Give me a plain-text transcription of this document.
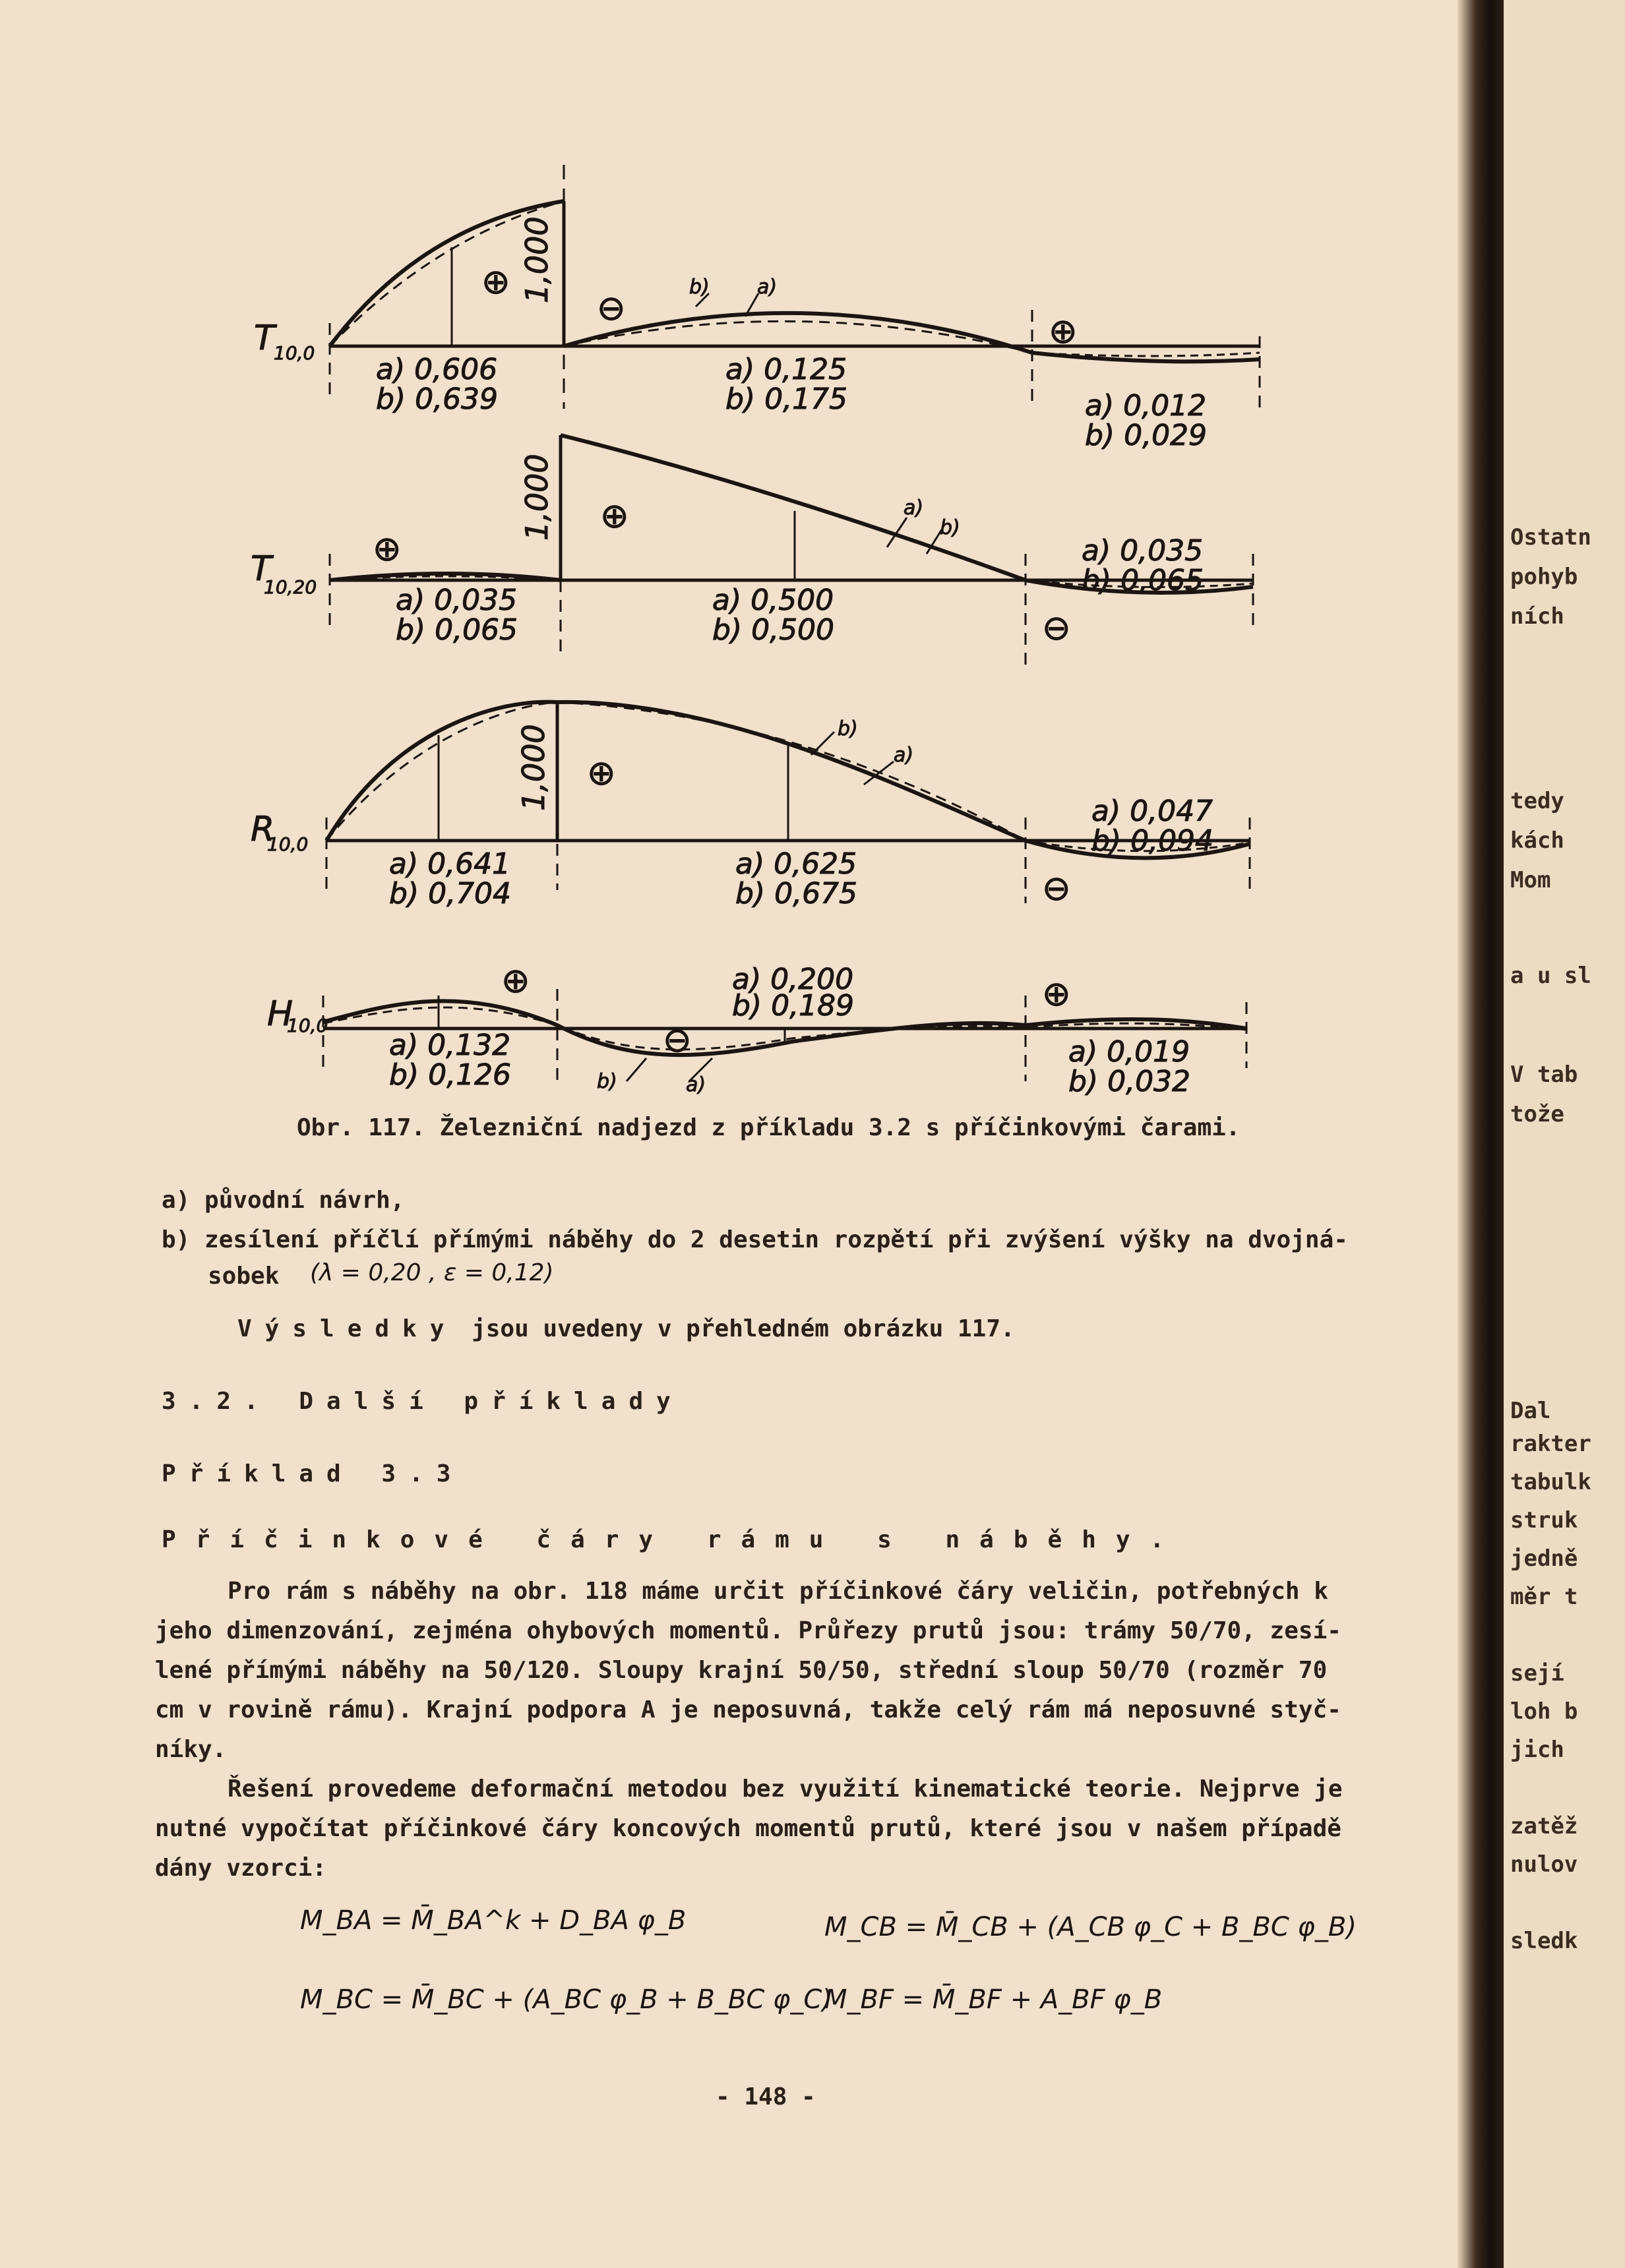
Ostatn
pohyb
ních
tedy
kách
Mom
a u sl
V tab
tože
Dal
rakter
tabulk
struk
jedně
měr t
sejí
loh b
jich
zatěž
nulov
sledk
T
10,0
1,000
⊕
⊖
⊕
b) a)
a) 0,606
b) 0,639
a) 0,125
b) 0,175	a) 0,012
b) 0,029
T
10,20
1,000
⊕
⊕
⊖
a)
b)
a) 0,035
b) 0,065
a) 0,500
b) 0,500
a) 0,035
b) 0,065
R
10,0
1,000 ⊕
⊖
b)
a)
a) 0,641
b) 0,704
a) 0,625
b) 0,675
a) 0,047
b) 0,094
H
10,0
⊕
⊖
⊕
b)	a)
a) 0,132
b) 0,126
a) 0,200
b) 0,189
a) 0,019
b) 0,032
Obr. 117. Železniční nadjezd z příkladu 3.2 s příčinkovými čarami.
a) původní návrh,
b) zesílení příčlí přímými náběhy do 2 desetin rozpětí při zvýšení výšky na dvojná-
sobek (λ = 0,20 , ε = 0,12)
Výsledky jsou uvedeny v přehledném obrázku 117.
3.2. Další příklady
Příklad 3.3
Příčinkové čáry rámu s náběhy.
Pro rám s náběhy na obr. 118 máme určit příčinkové čáry veličin, potřebných k
jeho dimenzování, zejména ohybových momentů. Průřezy prutů jsou: trámy 50/70, zesí-
lené přímými náběhy na 50/120. Sloupy krajní 50/50, střední sloup 50/70 (rozměr 70
cm v rovině rámu). Krajní podpora A je neposuvná, takže celý rám má neposuvné styč-
níky.
Řešení provedeme deformační metodou bez využití kinematické teorie. Nejprve je
nutné vypočítat příčinkové čáry koncových momentů prutů, které jsou v našem případě
dány vzorci:
M_BA = M̄_BA^k + D_BA φ_B	M_CB = M̄_CB + (A_CB φ_C + B_BC φ_B)
M_BC = M̄_BC + (A_BC φ_B + B_BC φ_C)
M_BF = M̄_BF + A_BF φ_B
- 148 -
